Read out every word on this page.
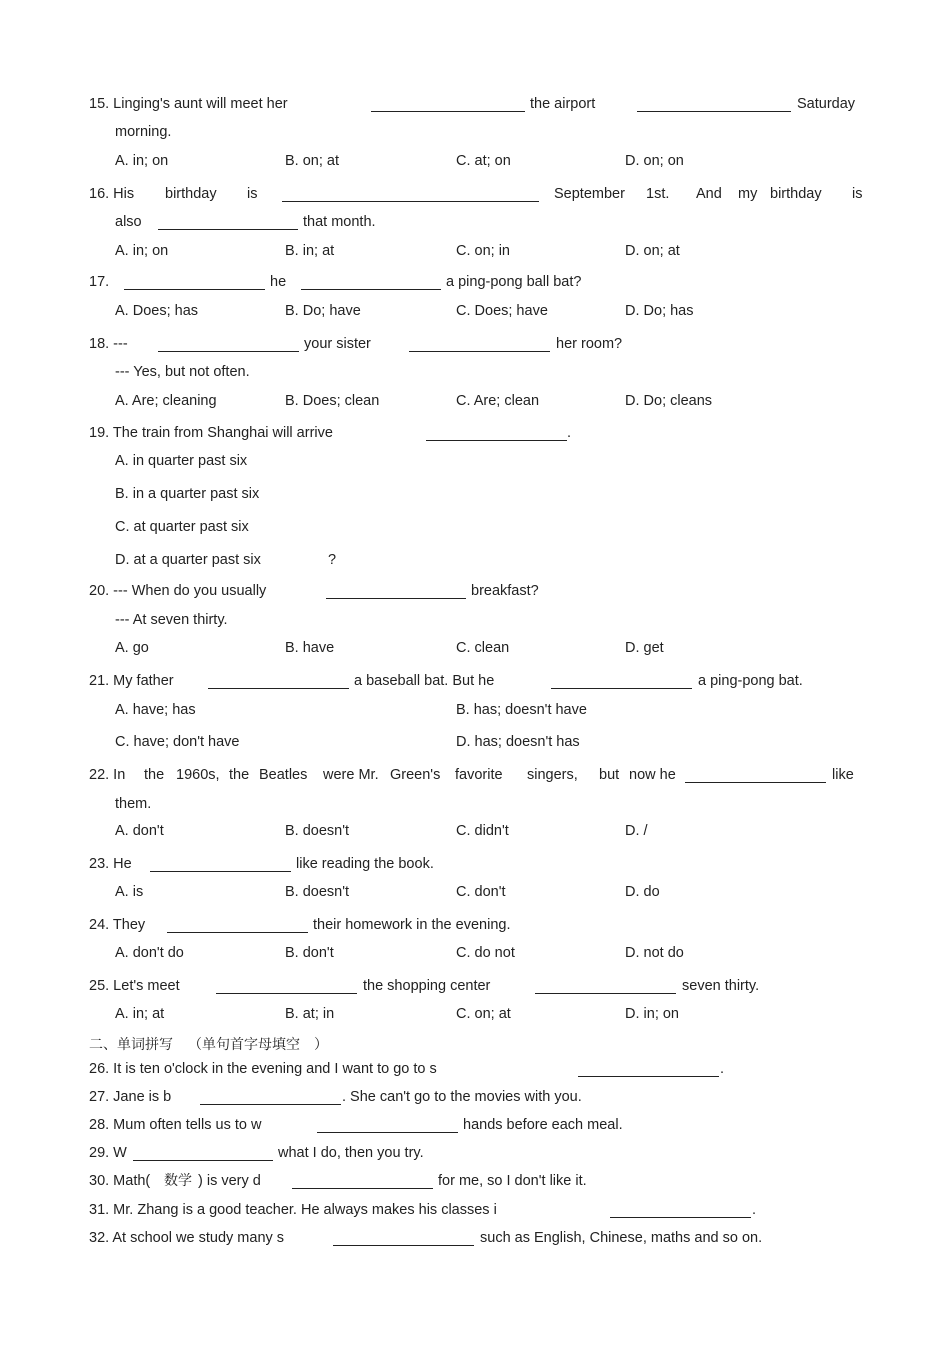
15. Linging's aunt will meet her	the airport	Saturday
morning.
A. in; on	B. on; at	C. at; on	D. on; on
16. His birthday is	September 1st. And my birthday is
also	that month.
A. in; on	B. in; at	C. on; in	D. on; at
17.	he	a ping-pong ball bat?
A. Does; has	B. Do; have	C. Does; have	D. Do; has
18. ---	your sister	her room?
--- Yes, but not often.
A. Are; cleaning	B. Does; clean	C. Are; clean	D. Do; cleans
19. The train from Shanghai will arrive	.
A. in quarter past six
B. in a quarter past six
C. at quarter past six
D. at a quarter past six	?
20. --- When do you usually	breakfast?
--- At seven thirty.
A. go	B. have	C. clean	D. get
21. My father	a baseball bat. But he	a ping-pong bat.
A. have; has	B. has; doesn't have
C. have; don't have	D. has; doesn't has
22. In the 1960s, the Beatles were Mr. Green's favorite singers, but now he	like
them.
A. don't	B. doesn't	C. didn't	D. /
23. He	like reading the book.
A. is	B. doesn't	C. don't	D. do
24. They	their homework in the evening.
A. don't do	B. don't	C. do not	D. not do
25. Let's meet	the shopping center	seven thirty.
A. in; at	B. at; in	C. on; at	D. in; on
二、单词拼写 （单句首字母填空　）
26. It is ten o'clock in the evening and I want to go to s	.
27. Jane is b	. She can't go to the movies with you.
28. Mum often tells us to w	hands before each meal.
29. W	what I do, then you try.
30. Math( 数学 ) is very d	for me, so I don't like it.
31. Mr. Zhang is a good teacher. He always makes his classes i	.
32. At school we study many s	such as English, Chinese, maths and so on.
